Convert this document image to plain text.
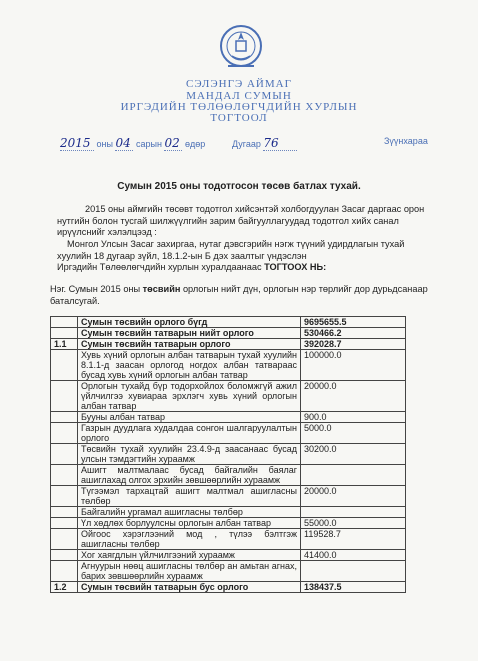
СЭЛЭНГЭ АЙМАГ
МАНДАЛ СУМЫН
ИРГЭДИЙН ТӨЛӨӨЛӨГЧДИЙН ХУРЛЫН
ТОГТООЛ
2015 оны 04 сарын 02 өдөр	Дугаар 76	Зүүнхараа
Сумын 2015 оны тодотгосон төсөв батлах тухай.
2015 оны аймгийн төсөвт тодотгол хийсэнтэй холбогдуулан Засаг даргаас орон нутгийн болон тусгай шилжүүлгийн зарим байгууллагуудад тодотгол хийх санал ирүүлснийг хэлэлцээд :
Монгол Улсын Засаг захиргаа, нутаг дэвсгэрийн нэгж түүний удирдлагын тухай хуулийн 18 дугаар зүйл, 18.1.2-ын Б дэх заалтыг үндэслэн
Иргэдийн Төлөөлөгчдийн хурлын хуралдаанаас ТОГТООХ НЬ:
Нэг. Сумын 2015 оны төсвийн орлогын нийт дүн, орлогын нэр төрлийг дор дурьдсанаар баталсугай.
	Сумын төсвийн орлого бүгд	9695655.5
	Сумын төсвийн татварын нийт орлого	530466.2
1.1	Сумын төсвийн татварын орлого	392028.7
	Хувь хүний орлогын албан татварын тухай хуулийн 8.1.1-д заасан орлогод ногдох албан татвараас бусад хувь хүний орлогын албан татвар	100000.0
	Орлогын тухайд бүр тодорхойлох боломжгүй ажил үйлчилгээ хувиараа эрхлэгч хувь хүний орлогын албан татвар	20000.0
	Бууны албан татвар	900.0
	Газрын дуудлага худалдаа сонгон шалгаруулалтын орлого	5000.0
	Төсвийн тухай хуулийн 23.4.9-д заасанаас бусад улсын тэмдэгтийн хураамж	30200.0
	Ашигт малтмалаас бусад байгалийн баялаг ашиглахад олгох эрхийн зөвшөөрлийн хураамж	
	Түгээмэл тархацтай ашигт малтмал ашигласны төлбөр	20000.0
	Байгалийн ургамал ашигласны төлбөр	
	Үл хөдлөх борлуулсны орлогын албан татвар	55000.0
	Ойгоос хэрэглээний мод , түлээ бэлтгэж ашигласны төлбөр	119528.7
	Хог хаягдлын үйлчилгээний хураамж	41400.0
	Агнуурын нөөц ашигласны төлбөр ан амьтан агнах, барих зөвшөөрлийн хураамж	
1.2	Сумын төсвийн татварын бус орлого	138437.5
